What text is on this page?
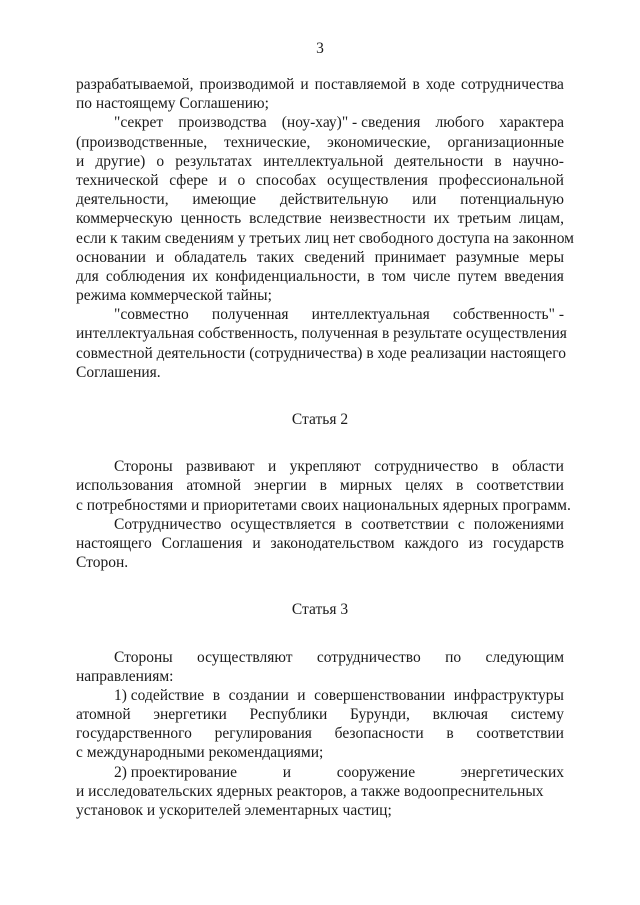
3
разрабатываемой, производимой и поставляемой в ходе сотрудничества
по настоящему Соглашению;
"секрет производства (ноу-хау)" - сведения любого характера
(производственные, технические, экономические, организационные
и другие) о результатах интеллектуальной деятельности в научно-
технической сфере и о способах осуществления профессиональной
деятельности, имеющие действительную или потенциальную
коммерческую ценность вследствие неизвестности их третьим лицам,
если к таким сведениям у третьих лиц нет свободного доступа на законном
основании и обладатель таких сведений принимает разумные меры
для соблюдения их конфиденциальности, в том числе путем введения
режима коммерческой тайны;
"совместно полученная интеллектуальная собственность" -
интеллектуальная собственность, полученная в результате осуществления
совместной деятельности (сотрудничества) в ходе реализации настоящего
Соглашения.
Статья 2
Стороны развивают и укрепляют сотрудничество в области
использования атомной энергии в мирных целях в соответствии
с потребностями и приоритетами своих национальных ядерных программ.
Сотрудничество осуществляется в соответствии с положениями
настоящего Соглашения и законодательством каждого из государств
Сторон.
Статья 3
Стороны осуществляют сотрудничество по следующим
направлениям:
1) содействие в создании и совершенствовании инфраструктуры
атомной энергетики Республики Бурунди, включая систему
государственного регулирования безопасности в соответствии
с международными рекомендациями;
2) проектирование	и	сооружение	энергетических
и исследовательских ядерных реакторов, а также водоопреснительных
установок и ускорителей элементарных частиц;
